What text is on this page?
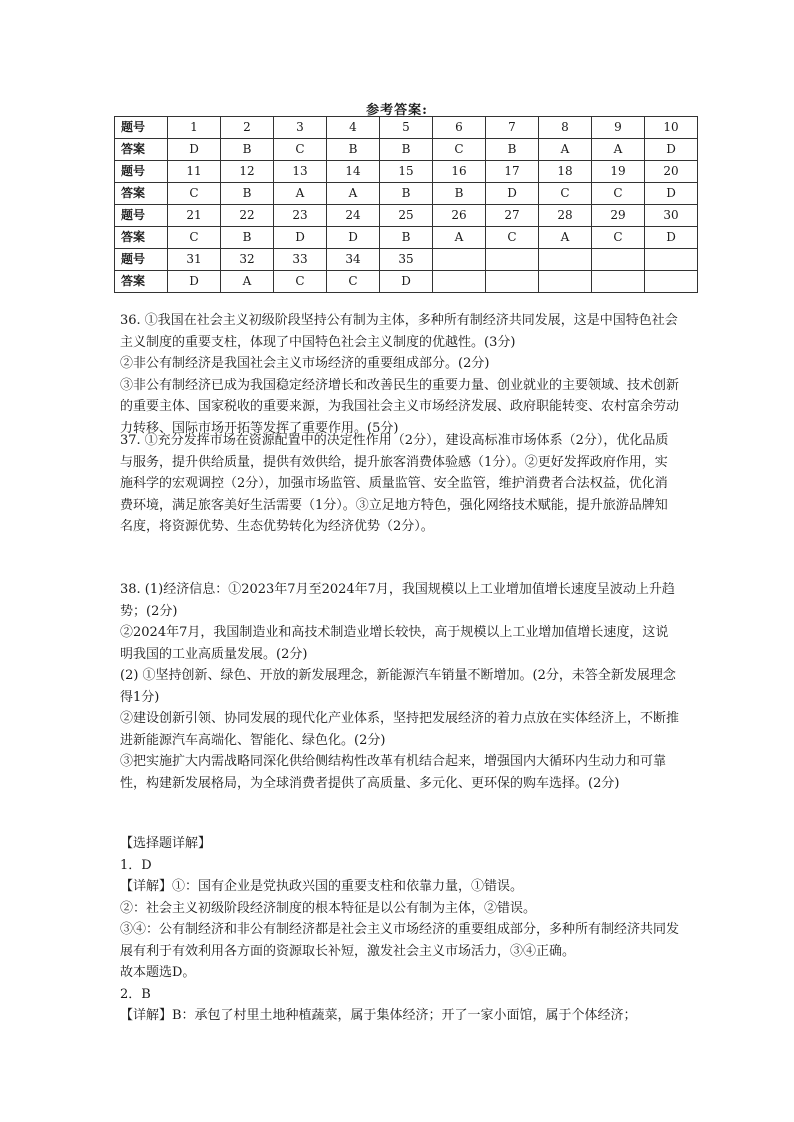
参考答案:
题号	1	2	3	4	5	6	7	8	9	10
答案	D	B	C	B	B	C	B	A	A	D
题号	11	12	13	14	15	16	17	18	19	20
答案	C	B	A	A	B	B	D	C	C	D
题号	21	22	23	24	25	26	27	28	29	30
答案	C	B	D	D	B	A	C	A	C	D
题号	31	32	33	34	35					
答案	D	A	C	C	D					

36. ①我国在社会主义初级阶段坚持公有制为主体，多种所有制经济共同发展，这是中国特色社会主义制度的重要支柱，体现了中国特色社会主义制度的优越性。(3分)

②非公有制经济是我国社会主义市场经济的重要组成部分。(2分)

③非公有制经济已成为我国稳定经济增长和改善民生的重要力量、创业就业的主要领域、技术创新的重要主体、国家税收的重要来源，为我国社会主义市场经济发展、政府职能转变、农村富余劳动力转移、国际市场开拓等发挥了重要作用。(5分)

37. ①充分发挥市场在资源配置中的决定性作用（2分），建设高标准市场体系（2分），优化品质与服务，提升供给质量，提供有效供给，提升旅客消费体验感（1分）。②更好发挥政府作用，实施科学的宏观调控（2分），加强市场监管、质量监管、安全监管，维护消费者合法权益，优化消费环境，满足旅客美好生活需要（1分）。③立足地方特色，强化网络技术赋能，提升旅游品牌知名度，将资源优势、生态优势转化为经济优势（2分）。

38. (1)经济信息：①2023年7月至2024年7月，我国规模以上工业增加值增长速度呈波动上升趋势；(2分)

②2024年7月，我国制造业和高技术制造业增长较快，高于规模以上工业增加值增长速度，这说明我国的工业高质量发展。(2分)

(2) ①坚持创新、绿色、开放的新发展理念，新能源汽车销量不断增加。(2分，未答全新发展理念得1分)

②建设创新引领、协同发展的现代化产业体系，坚持把发展经济的着力点放在实体经济上，不断推进新能源汽车高端化、智能化、绿色化。(2分)

③把实施扩大内需战略同深化供给侧结构性改革有机结合起来，增强国内大循环内生动力和可靠性，构建新发展格局，为全球消费者提供了高质量、多元化、更环保的购车选择。(2分)

【选择题详解】

1．D

【详解】①：国有企业是党执政兴国的重要支柱和依靠力量，①错误。

②：社会主义初级阶段经济制度的根本特征是以公有制为主体，②错误。

③④：公有制经济和非公有制经济都是社会主义市场经济的重要组成部分，多种所有制经济共同发展有利于有效利用各方面的资源取长补短，激发社会主义市场活力，③④正确。

故本题选D。

2．B

【详解】B：承包了村里土地种植蔬菜，属于集体经济；开了一家小面馆，属于个体经济；
